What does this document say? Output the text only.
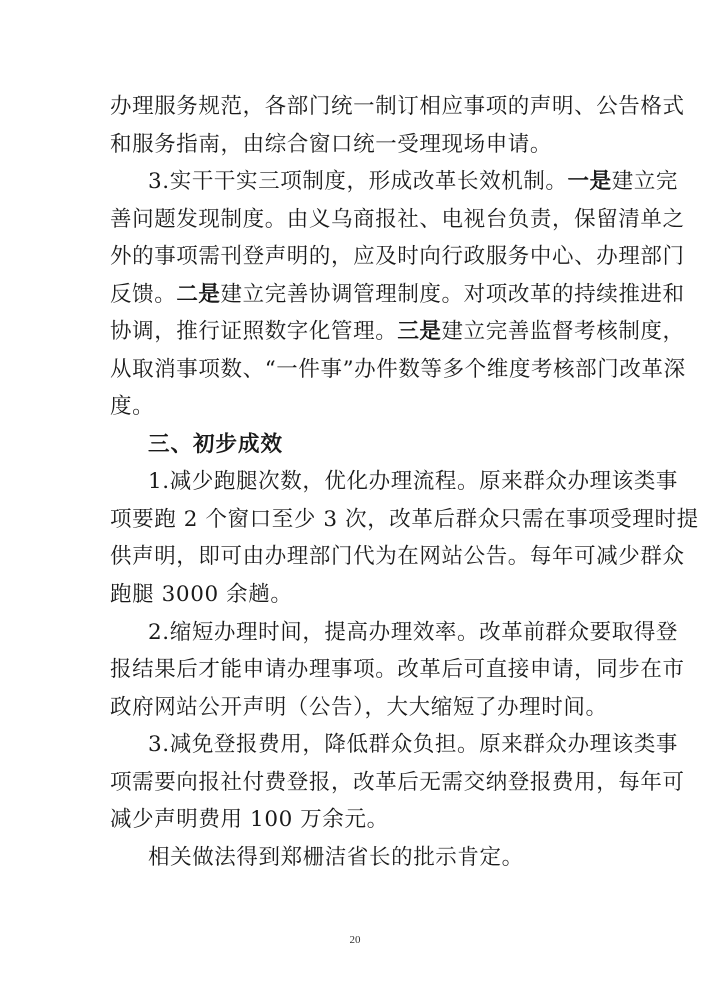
办理服务规范，各部门统一制订相应事项的声明、公告格式
和服务指南，由综合窗口统一受理现场申请。
3.实干干实三项制度，形成改革长效机制。一是建立完
善问题发现制度。由义乌商报社、电视台负责，保留清单之
外的事项需刊登声明的，应及时向行政服务中心、办理部门
反馈。二是建立完善协调管理制度。对项改革的持续推进和
协调，推行证照数字化管理。三是建立完善监督考核制度，
从取消事项数、“一件事”办件数等多个维度考核部门改革深
度。
三、初步成效
1.减少跑腿次数，优化办理流程。原来群众办理该类事
项要跑 2 个窗口至少 3 次，改革后群众只需在事项受理时提
供声明，即可由办理部门代为在网站公告。每年可减少群众
跑腿 3000 余趟。
2.缩短办理时间，提高办理效率。改革前群众要取得登
报结果后才能申请办理事项。改革后可直接申请，同步在市
政府网站公开声明（公告），大大缩短了办理时间。
3.减免登报费用，降低群众负担。原来群众办理该类事
项需要向报社付费登报，改革后无需交纳登报费用，每年可
减少声明费用 100 万余元。
相关做法得到郑栅洁省长的批示肯定。
20
